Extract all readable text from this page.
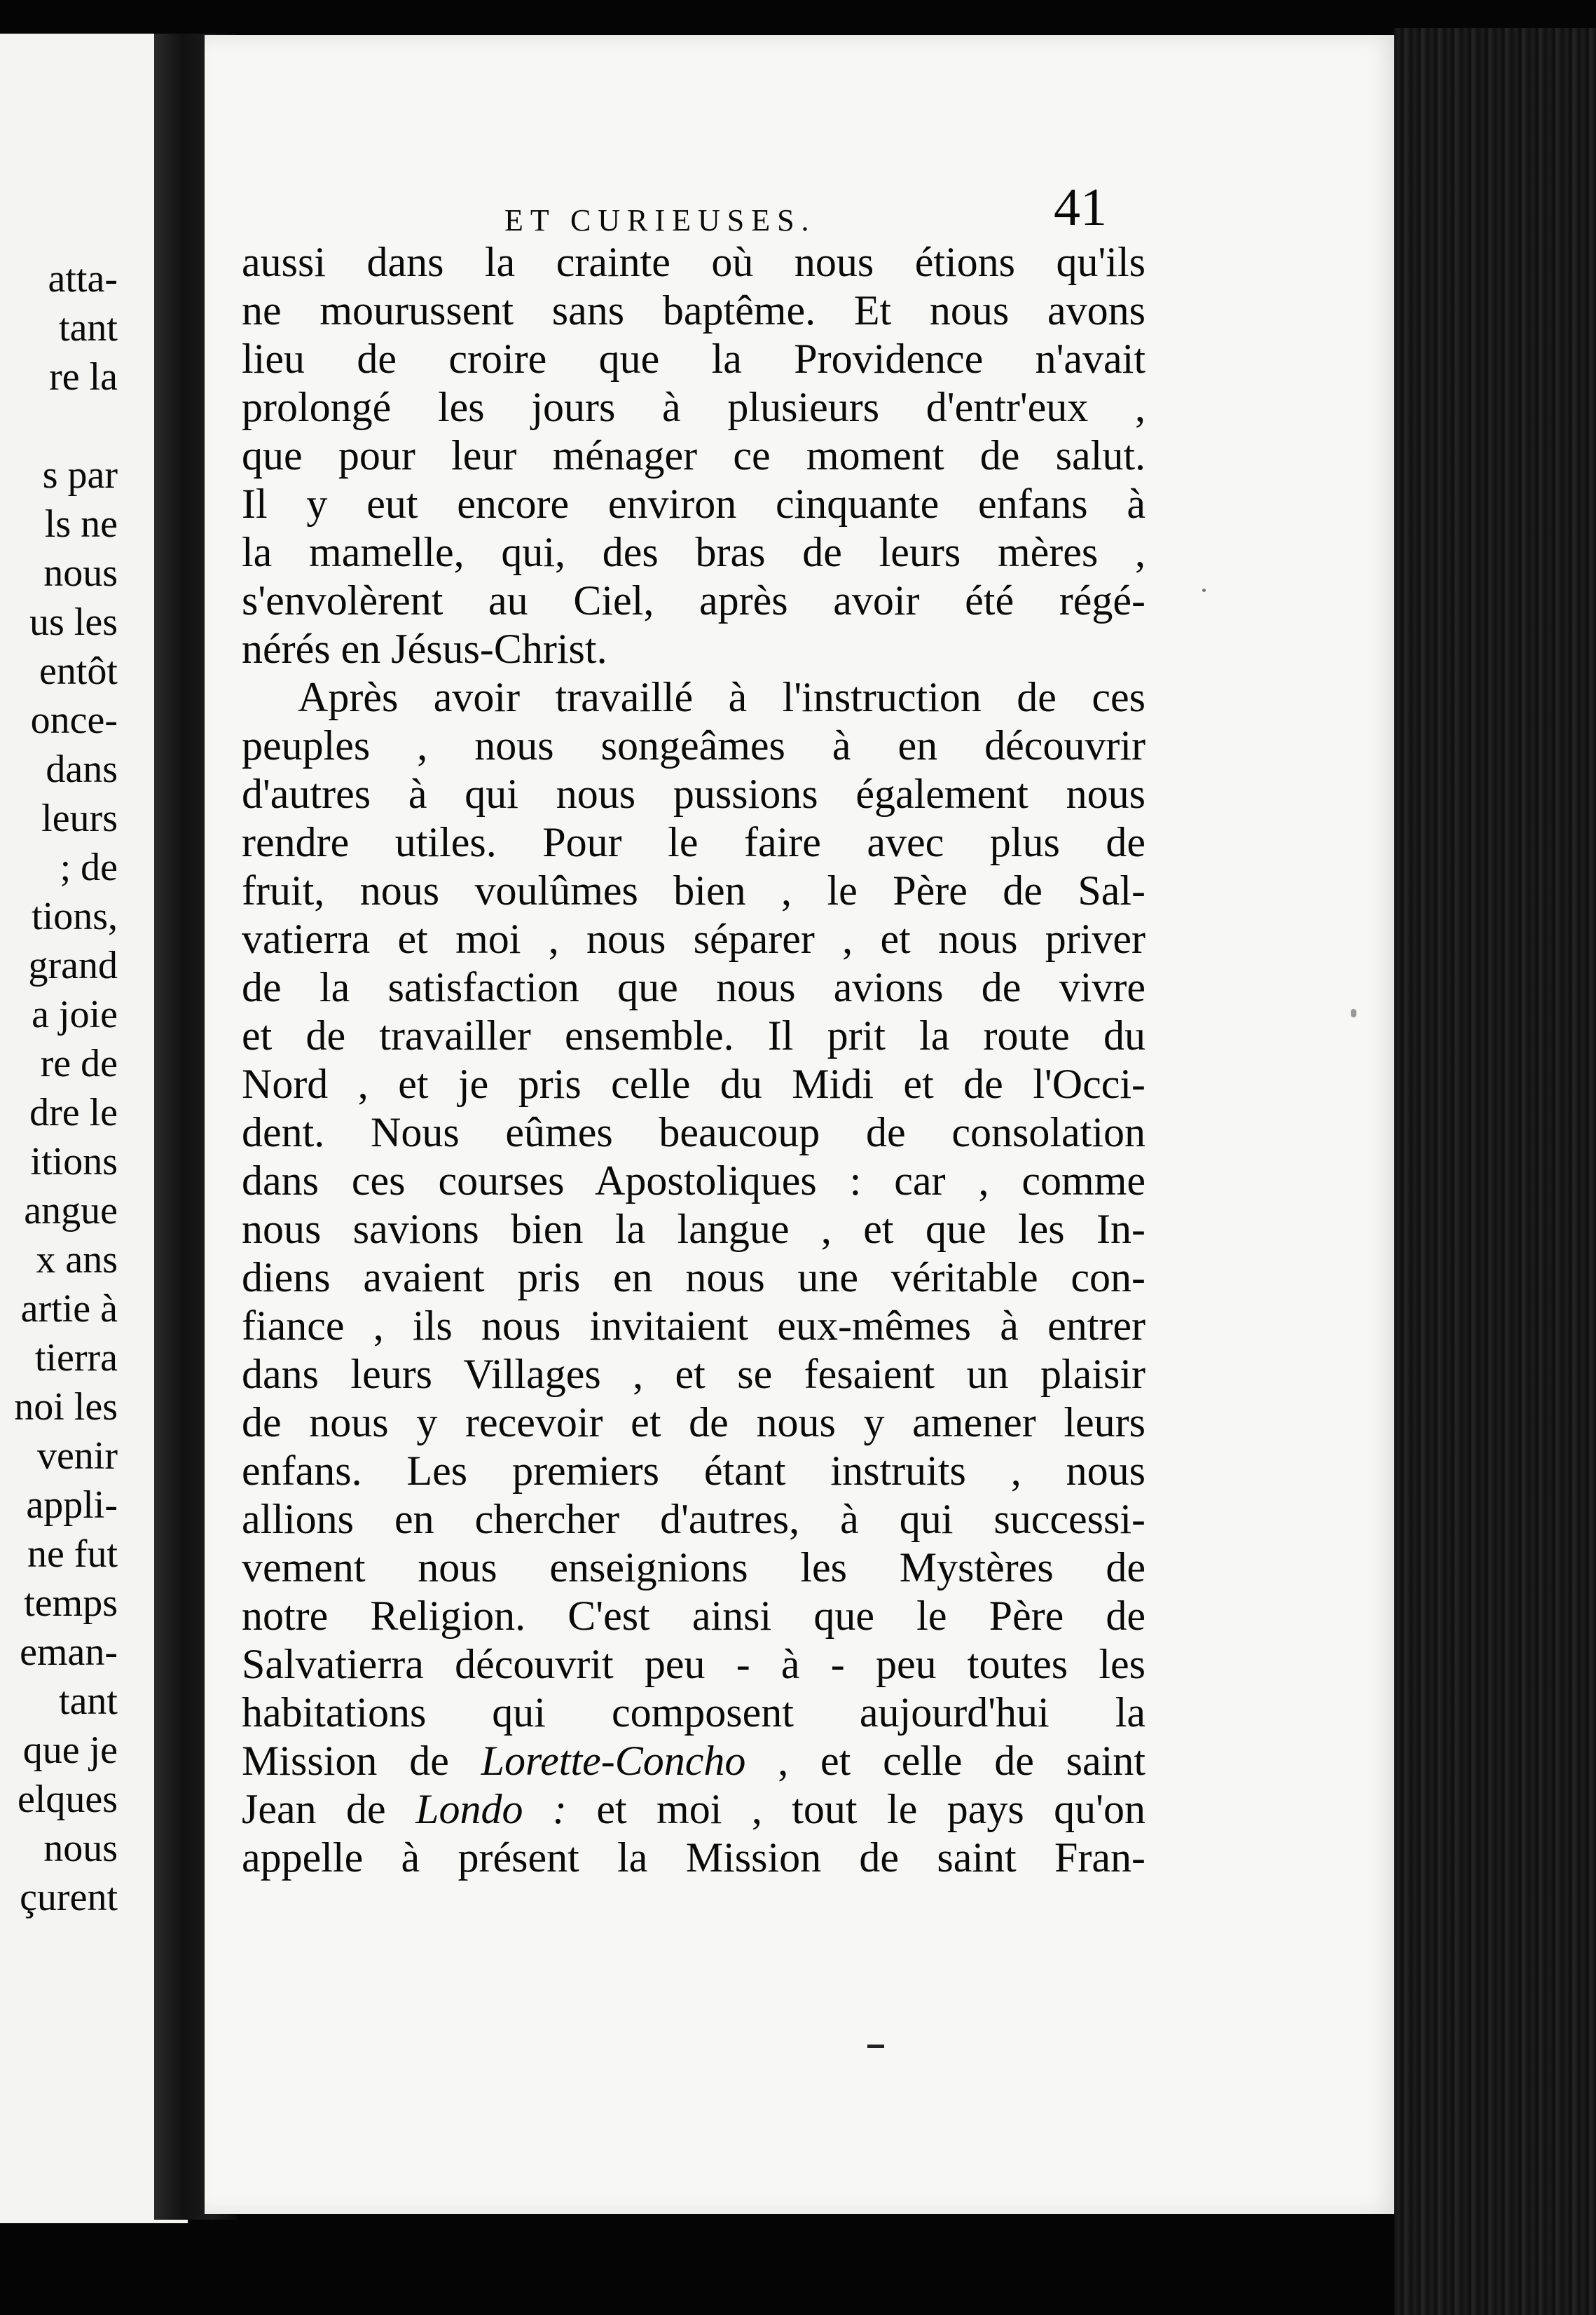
atta-
tant
re la
s par
ls ne
nous
us les
entôt
once-
dans
leurs
; de
tions,
grand
a joie
re de
dre le
itions
angue
x ans
artie à
tierra
noi les
venir
appli-
ne fut
temps
eman-
tant
que je
elques
nous
çurent
ET CURIEUSES.	41
aussi dans la crainte où nous étions qu'ils
ne mourussent sans baptême. Et nous avons
lieu de croire que la Providence n'avait
prolongé les jours à plusieurs d'entr'eux ,
que pour leur ménager ce moment de salut.
Il y eut encore environ cinquante enfans à
la mamelle, qui, des bras de leurs mères ,
s'envolèrent au Ciel, après avoir été régé-
nérés en Jésus-Christ.
Après avoir travaillé à l'instruction de ces
peuples , nous songeâmes à en découvrir
d'autres à qui nous pussions également nous
rendre utiles. Pour le faire avec plus de
fruit, nous voulûmes bien , le Père de Sal-
vatierra et moi , nous séparer , et nous priver
de la satisfaction que nous avions de vivre
et de travailler ensemble. Il prit la route du
Nord , et je pris celle du Midi et de l'Occi-
dent. Nous eûmes beaucoup de consolation
dans ces courses Apostoliques : car , comme
nous savions bien la langue , et que les In-
diens avaient pris en nous une véritable con-
fiance , ils nous invitaient eux-mêmes à entrer
dans leurs Villages , et se fesaient un plaisir
de nous y recevoir et de nous y amener leurs
enfans. Les premiers étant instruits , nous
allions en chercher d'autres, à qui successi-
vement nous enseignions les Mystères de
notre Religion. C'est ainsi que le Père de
Salvatierra découvrit peu - à - peu toutes les
habitations qui composent aujourd'hui la
Mission de Lorette-Concho , et celle de saint
Jean de Londo : et moi , tout le pays qu'on
appelle à présent la Mission de saint Fran-
